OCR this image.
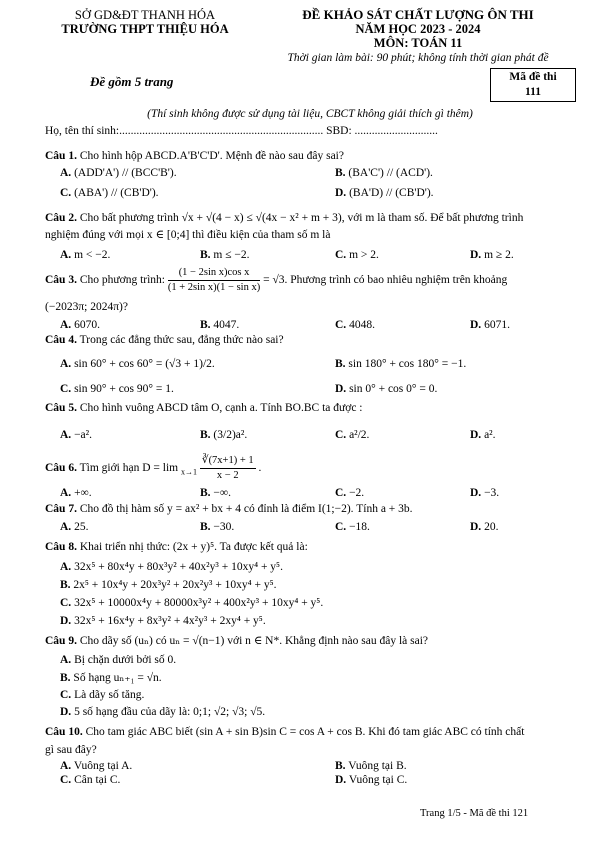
SỞ GD&ĐT THANH HÓA
TRƯỜNG THPT THIỆU HÓA
ĐỀ KHẢO SÁT CHẤT LƯỢNG ÔN THI
NĂM HỌC 2023 - 2024
MÔN: TOÁN 11
Thời gian làm bài: 90 phút; không tính thời gian phát đề
Đề gồm 5 trang	Mã đề thi
111
(Thí sinh không được sử dụng tài liệu, CBCT không giải thích gì thêm)
Họ, tên thí sinh:....................................................................... SBD: .............................
Câu 1. Cho hình hộp ABCD.A'B'C'D'. Mệnh đề nào sau đây sai?
A. (ADD'A') // (BCC'B').	B. (BA'C') // (ACD').
C. (ABA') // (CB'D').	D. (BA'D) // (CB'D').
Câu 2. Cho bất phương trình √x + √(4 − x) ≤ √(4x − x² + m + 3), với m là tham số. Để bất phương trình
nghiệm đúng với mọi x ∈ [0;4] thì điều kiện của tham số m là
A. m < −2.	B. m ≤ −2.	C. m > 2.	D. m ≥ 2.
Câu 3. Cho phương trình: $\frac{\text{(1 − 2sin x)cos x}}{\text{(1 + 2sin x)(1 − sin x)}} = √3$. Phương trình có bao nhiêu nghiệm trên khoảng
(−2023π; 2024π)?
A. 6070.	B. 4047.	C. 4048.	D. 6071.
Câu 4. Trong các đẳng thức sau, đẳng thức nào sai?
A. sin 60° + cos 60° = (√3 + 1)/2.	B. sin 180° + cos 180° = −1.
C. sin 90° + cos 90° = 1.	D. sin 0° + cos 0° = 0.
Câu 5. Cho hình vuông ABCD tâm O, cạnh a. Tính BO.BC ta được :
A. −a².	B. (3/2)a².	C. a²/2.	D. a².
Câu 6. Tìm giới hạn $D = \lim _{x\to 1} \frac{∛(7x+1) + 1}{x - 2}$ .
A. +∞.	B. −∞.	C. −2.	D. −3.
Câu 7. Cho đồ thị hàm số y = ax² + bx + 4 có đỉnh là điểm I(1;−2). Tính a + 3b.
A. 25.	B. −30.	C. −18.	D. 20.
Câu 8. Khai triển nhị thức: (2x + y)⁵. Ta được kết quả là:
A. 32x⁵ + 80x⁴y + 80x³y² + 40x²y³ + 10xy⁴ + y⁵.
B. 2x⁵ + 10x⁴y + 20x³y² + 20x²y³ + 10xy⁴ + y⁵.
C. 32x⁵ + 10000x⁴y + 80000x³y² + 400x²y³ + 10xy⁴ + y⁵.
D. 32x⁵ + 16x⁴y + 8x³y² + 4x²y³ + 2xy⁴ + y⁵.
Câu 9. Cho dãy số (uₙ) có uₙ = √(n−1) với n ∈ N*. Khẳng định nào sau đây là sai?
A. Bị chặn dưới bởi số 0.
B. Số hạng uₙ₊₁ = √n.
C. Là dãy số tăng.
D. 5 số hạng đầu của dãy là: 0;1; √2; √3; √5.
Câu 10. Cho tam giác ABC biết (sin A + sin B)sin C = cos A + cos B. Khi đó tam giác ABC có tính chất
gì sau đây?
A. Vuông tại A.	B. Vuông tại B.
C. Cân tại C.	D. Vuông tại C.
Trang 1/5 - Mã đề thi 121
